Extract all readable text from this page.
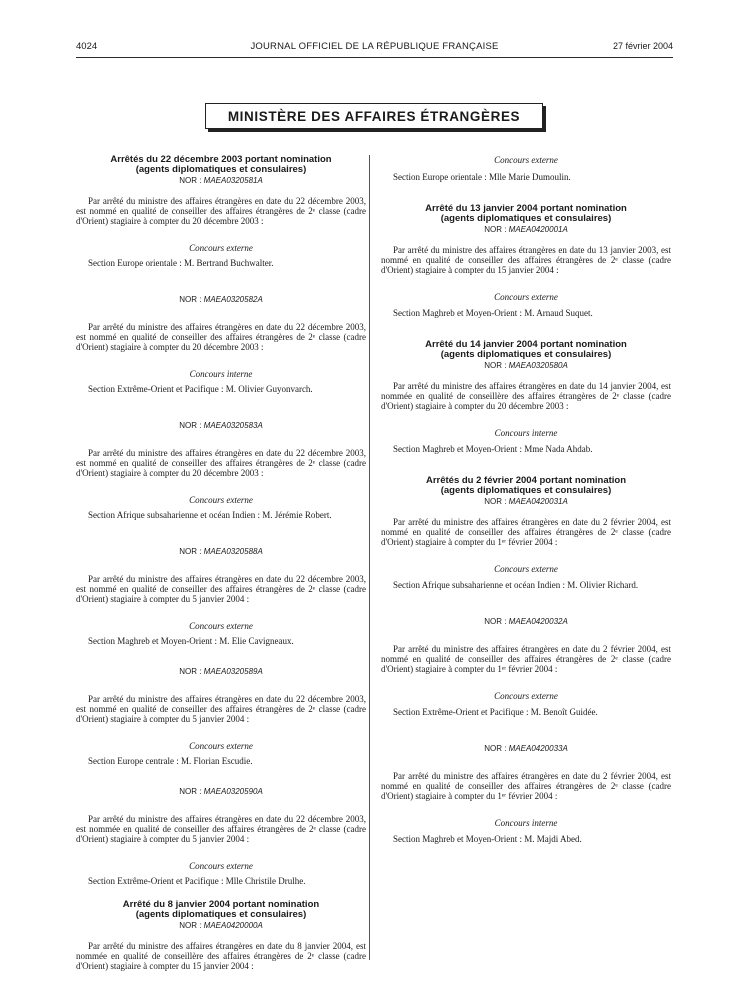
4024	JOURNAL OFFICIEL DE LA RÉPUBLIQUE FRANÇAISE	27 février 2004
MINISTÈRE DES AFFAIRES ÉTRANGÈRES

Arrêtés du 22 décembre 2003 portant nomination
(agents diplomatiques et consulaires)

NOR : MAEA0320581A

Par arrêté du ministre des affaires étrangères en date du 22 décembre 2003, est nommé en qualité de conseiller des affaires étrangères de 2ᵉ classe (cadre d'Orient) stagiaire à compter du 20 décembre 2003 :

Concours externe

Section Europe orientale : M. Bertrand Buchwalter.

NOR : MAEA0320582A

Par arrêté du ministre des affaires étrangères en date du 22 décembre 2003, est nommé en qualité de conseiller des affaires étrangères de 2ᵉ classe (cadre d'Orient) stagiaire à compter du 20 décembre 2003 :

Concours interne

Section Extrême-Orient et Pacifique : M. Olivier Guyonvarch.

NOR : MAEA0320583A

Par arrêté du ministre des affaires étrangères en date du 22 décembre 2003, est nommé en qualité de conseiller des affaires étrangères de 2ᵉ classe (cadre d'Orient) stagiaire à compter du 20 décembre 2003 :

Concours externe

Section Afrique subsaharienne et océan Indien : M. Jérémie Robert.

NOR : MAEA0320588A

Par arrêté du ministre des affaires étrangères en date du 22 décembre 2003, est nommé en qualité de conseiller des affaires étrangères de 2ᵉ classe (cadre d'Orient) stagiaire à compter du 5 janvier 2004 :

Concours externe

Section Maghreb et Moyen-Orient : M. Elie Cavigneaux.

NOR : MAEA0320589A

Par arrêté du ministre des affaires étrangères en date du 22 décembre 2003, est nommé en qualité de conseiller des affaires étrangères de 2ᵉ classe (cadre d'Orient) stagiaire à compter du 5 janvier 2004 :

Concours externe

Section Europe centrale : M. Florian Escudie.

NOR : MAEA0320590A

Par arrêté du ministre des affaires étrangères en date du 22 décembre 2003, est nommée en qualité de conseiller des affaires étrangères de 2ᵉ classe (cadre d'Orient) stagiaire à compter du 5 janvier 2004 :

Concours externe

Section Extrême-Orient et Pacifique : Mlle Christile Drulhe.

Arrêté du 8 janvier 2004 portant nomination
(agents diplomatiques et consulaires)

NOR : MAEA0420000A

Par arrêté du ministre des affaires étrangères en date du 8 janvier 2004, est nommée en qualité de conseillère des affaires étrangères de 2ᵉ classe (cadre d'Orient) stagiaire à compter du 15 janvier 2004 :

Concours externe

Section Europe orientale : Mlle Marie Dumoulin.

Arrêté du 13 janvier 2004 portant nomination
(agents diplomatiques et consulaires)

NOR : MAEA0420001A

Par arrêté du ministre des affaires étrangères en date du 13 janvier 2003, est nommé en qualité de conseiller des affaires étrangères de 2ᵉ classe (cadre d'Orient) stagiaire à compter du 15 janvier 2004 :

Concours externe

Section Maghreb et Moyen-Orient : M. Arnaud Suquet.

Arrêté du 14 janvier 2004 portant nomination
(agents diplomatiques et consulaires)

NOR : MAEA0320580A

Par arrêté du ministre des affaires étrangères en date du 14 janvier 2004, est nommée en qualité de conseillère des affaires étrangères de 2ᵉ classe (cadre d'Orient) stagiaire à compter du 20 décembre 2003 :

Concours interne

Section Maghreb et Moyen-Orient : Mme Nada Ahdab.

Arrêtés du 2 février 2004 portant nomination
(agents diplomatiques et consulaires)

NOR : MAEA0420031A

Par arrêté du ministre des affaires étrangères en date du 2 février 2004, est nommé en qualité de conseiller des affaires étrangères de 2ᵉ classe (cadre d'Orient) stagiaire à compter du 1ᵉʳ février 2004 :

Concours externe

Section Afrique subsaharienne et océan Indien : M. Olivier Richard.

NOR : MAEA0420032A

Par arrêté du ministre des affaires étrangères en date du 2 février 2004, est nommé en qualité de conseiller des affaires étrangères de 2ᵉ classe (cadre d'Orient) stagiaire à compter du 1ᵉʳ février 2004 :

Concours externe

Section Extrême-Orient et Pacifique : M. Benoît Guidée.

NOR : MAEA0420033A

Par arrêté du ministre des affaires étrangères en date du 2 février 2004, est nommé en qualité de conseiller des affaires étrangères de 2ᵉ classe (cadre d'Orient) stagiaire à compter du 1ᵉʳ février 2004 :

Concours interne

Section Maghreb et Moyen-Orient : M. Majdi Abed.
